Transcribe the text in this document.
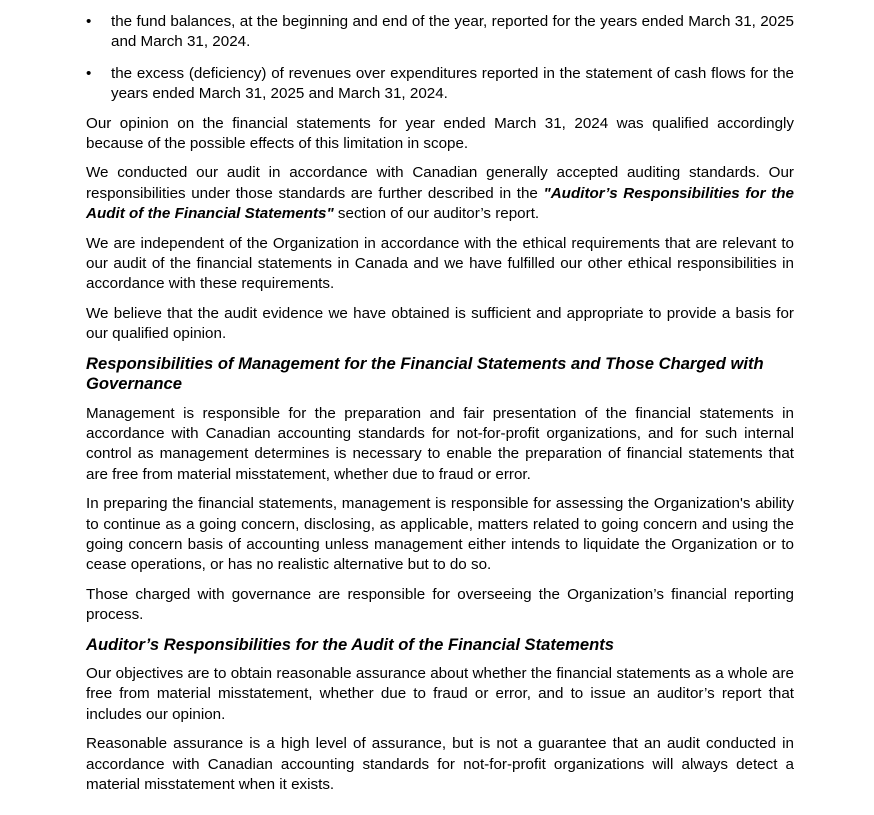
• the fund balances, at the beginning and end of the year, reported for the years ended March 31, 2025 and March 31, 2024.
• the excess (deficiency) of revenues over expenditures reported in the statement of cash flows for the years ended March 31, 2025 and March 31, 2024.

Our opinion on the financial statements for year ended March 31, 2024 was qualified accordingly because of the possible effects of this limitation in scope.

We conducted our audit in accordance with Canadian generally accepted auditing standards. Our responsibilities under those standards are further described in the "Auditor’s Responsibilities for the Audit of the Financial Statements" section of our auditor’s report.

We are independent of the Organization in accordance with the ethical requirements that are relevant to our audit of the financial statements in Canada and we have fulfilled our other ethical responsibilities in accordance with these requirements.

We believe that the audit evidence we have obtained is sufficient and appropriate to provide a basis for our qualified opinion.

Responsibilities of Management for the Financial Statements and Those Charged with Governance

Management is responsible for the preparation and fair presentation of the financial statements in accordance with Canadian accounting standards for not-for-profit organizations, and for such internal control as management determines is necessary to enable the preparation of financial statements that are free from material misstatement, whether due to fraud or error.

In preparing the financial statements, management is responsible for assessing the Organization's ability to continue as a going concern, disclosing, as applicable, matters related to going concern and using the going concern basis of accounting unless management either intends to liquidate the Organization or to cease operations, or has no realistic alternative but to do so.

Those charged with governance are responsible for overseeing the Organization’s financial reporting process.

Auditor’s Responsibilities for the Audit of the Financial Statements

Our objectives are to obtain reasonable assurance about whether the financial statements as a whole are free from material misstatement, whether due to fraud or error, and to issue an auditor’s report that includes our opinion.

Reasonable assurance is a high level of assurance, but is not a guarantee that an audit conducted in accordance with Canadian accounting standards for not-for-profit organizations will always detect a material misstatement when it exists.
